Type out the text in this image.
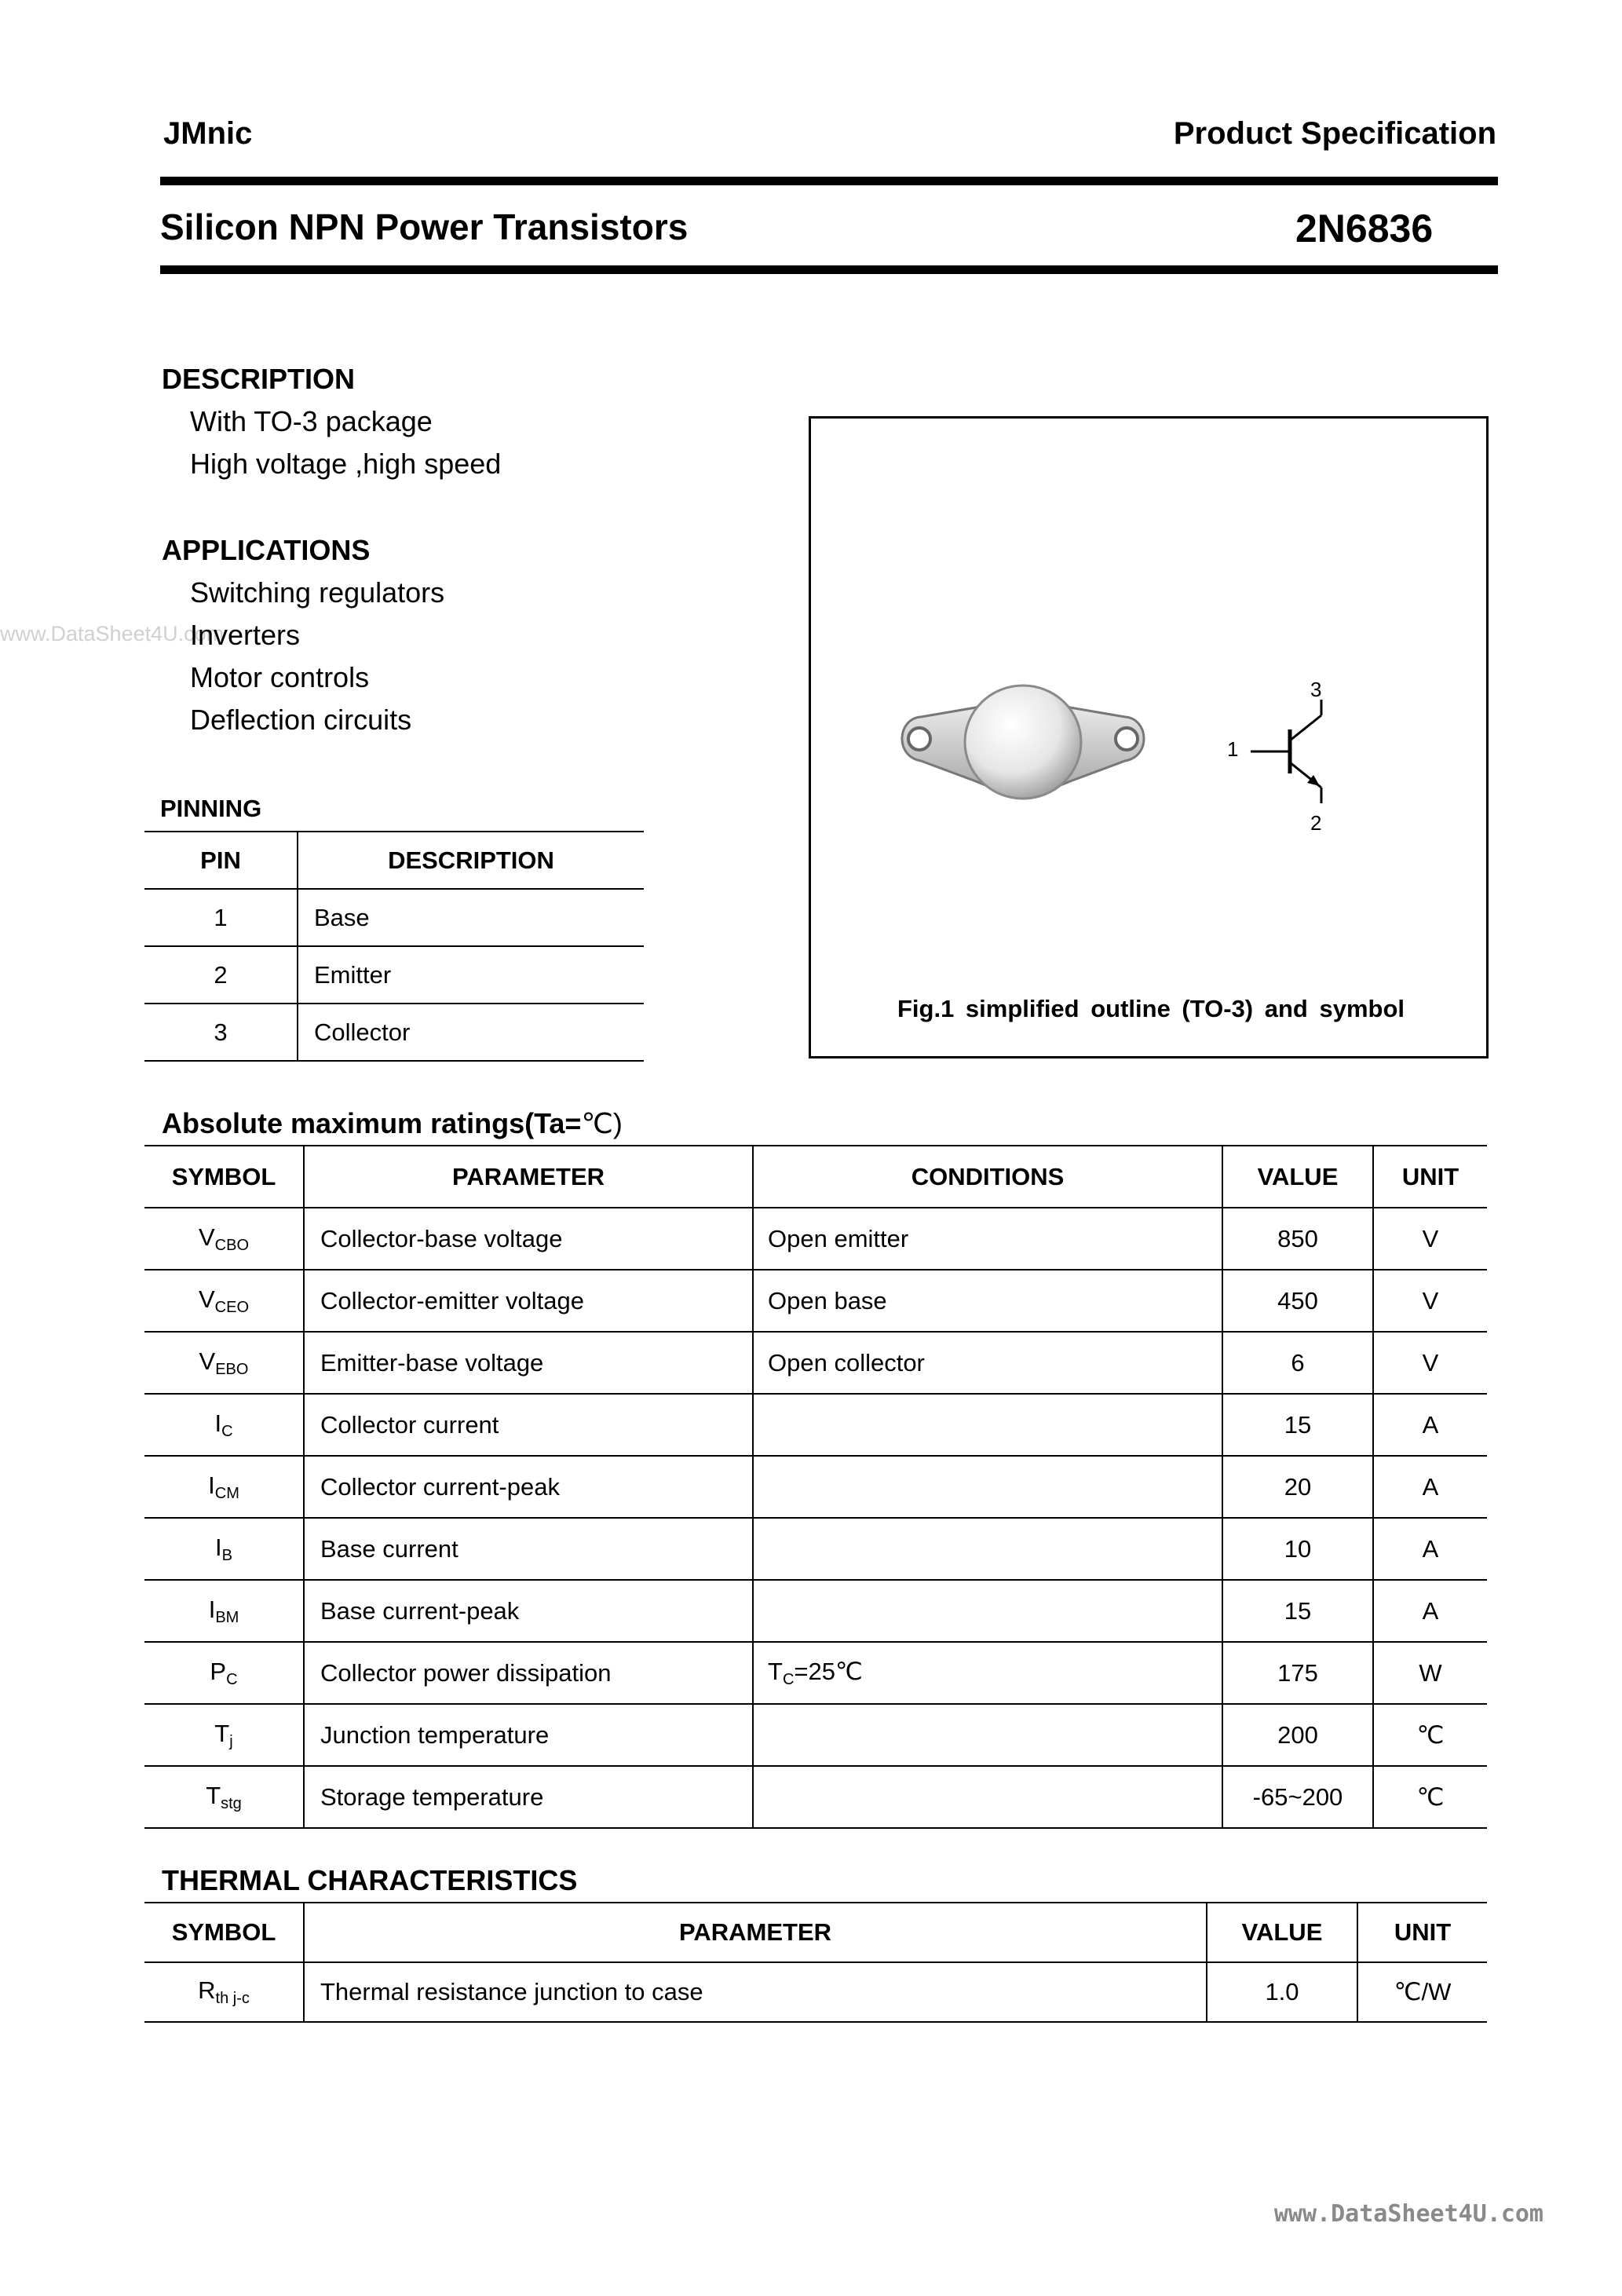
JMnic	Product Specification
Silicon NPN Power Transistors	2N6836
DESCRIPTION
With TO-3 package
High voltage ,high speed
APPLICATIONS
www.DataSheet4U.com
Switching regulators
Inverters
Motor controls
Deflection circuits
PINNING
PIN	DESCRIPTION
1	Base
2	Emitter
3	Collector
1
2
3
Fig.1 simplified outline (TO-3) and symbol
Absolute maximum ratings(Ta=℃)
SYMBOL	PARAMETER	CONDITIONS	VALUE	UNIT
$V_{CBO}$	Collector-base voltage	Open emitter	850	V
$V_{CEO}$	Collector-emitter voltage	Open base	450	V
$V_{EBO}$	Emitter-base voltage	Open collector	6	V
$I_C$	Collector current		15	A
$I_{CM}$	Collector current-peak		20	A
$I_B$	Base current		10	A
$I_{BM}$	Base current-peak		15	A
$P_C$	Collector power dissipation	$T_C=25℃$	175	W
$T_j$	Junction temperature		200	℃
$T_{stg}$	Storage temperature		-65~200	℃
THERMAL CHARACTERISTICS
SYMBOL	PARAMETER	VALUE	UNIT
$R_{th j-c}$	Thermal resistance junction to case	1.0	℃/W
www.DataSheet4U.com
